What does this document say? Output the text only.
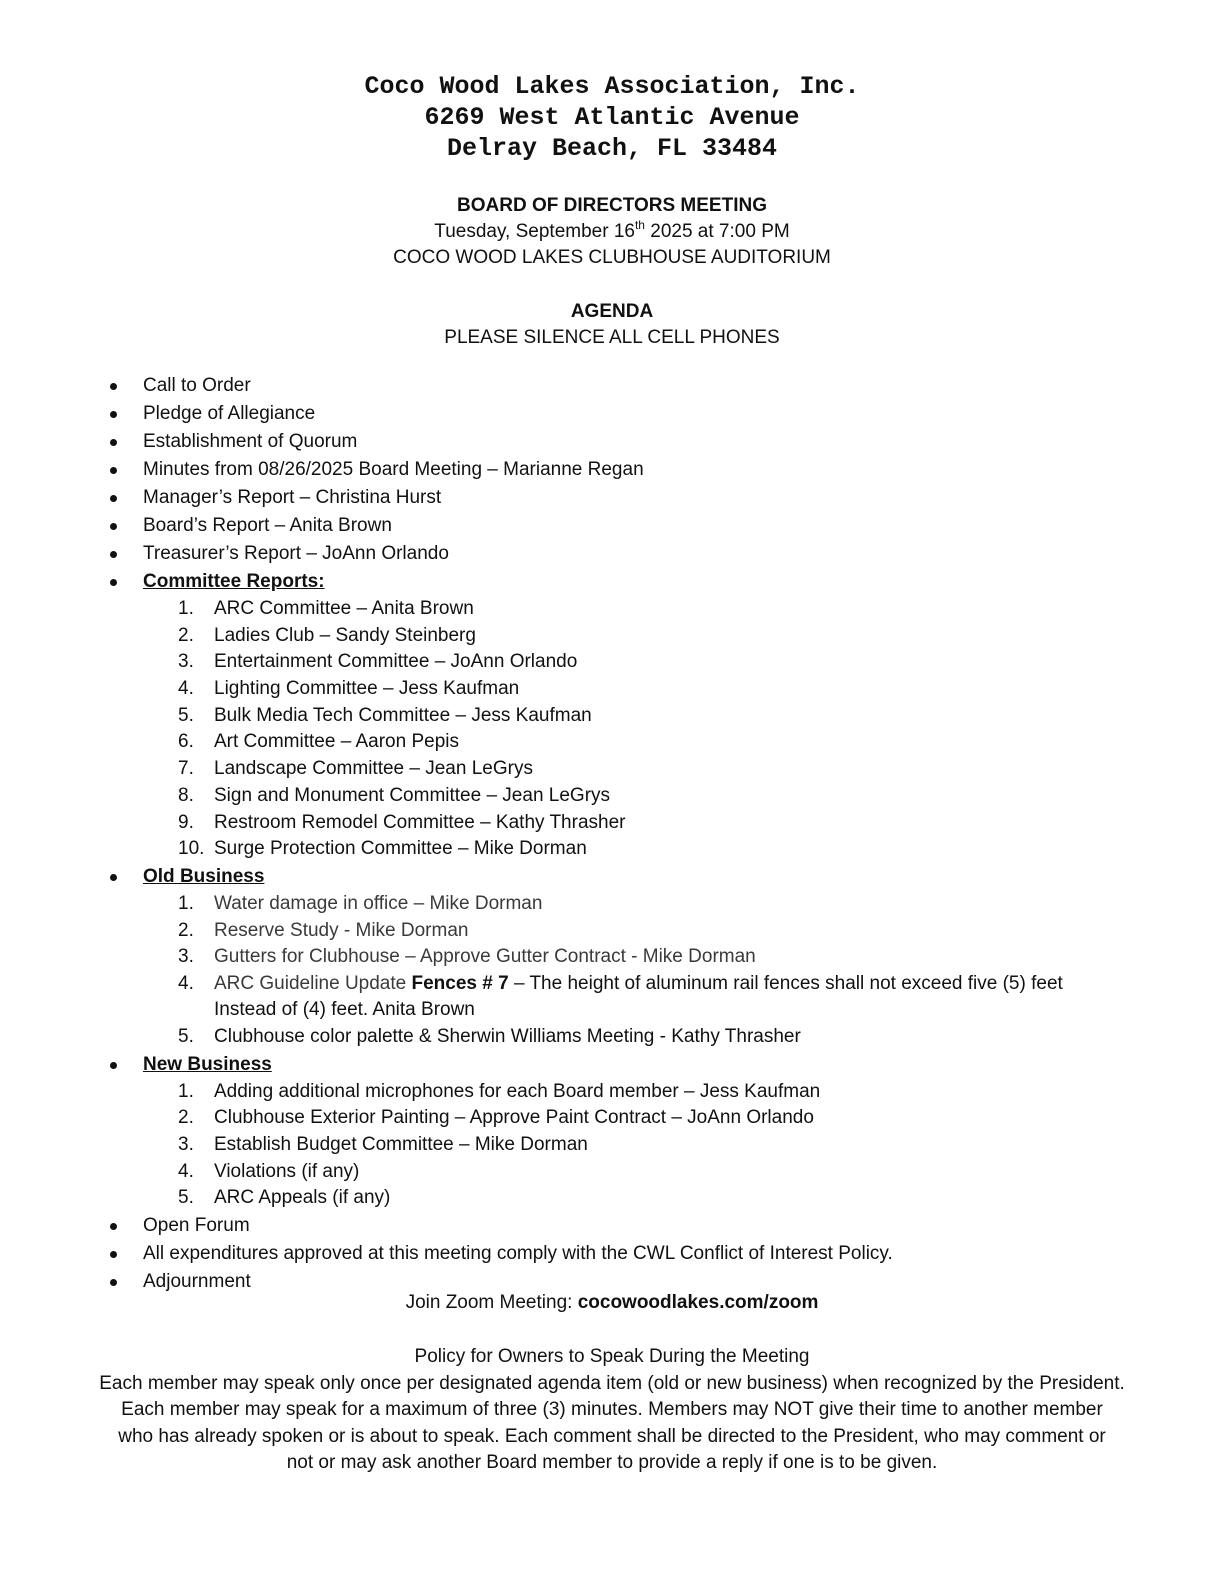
Coco Wood Lakes Association, Inc.
6269 West Atlantic Avenue
Delray Beach, FL 33484
BOARD OF DIRECTORS MEETING
Tuesday, September 16th 2025 at 7:00 PM
COCO WOOD LAKES CLUBHOUSE AUDITORIUM
AGENDA
PLEASE SILENCE ALL CELL PHONES
Call to Order
Pledge of Allegiance
Establishment of Quorum
Minutes from 08/26/2025 Board Meeting – Marianne Regan
Manager’s Report – Christina Hurst
Board’s Report – Anita Brown
Treasurer’s Report – JoAnn Orlando
Committee Reports:
1. ARC Committee – Anita Brown
2. Ladies Club – Sandy Steinberg
3. Entertainment Committee – JoAnn Orlando
4. Lighting Committee – Jess Kaufman
5. Bulk Media Tech Committee – Jess Kaufman
6. Art Committee – Aaron Pepis
7. Landscape Committee – Jean LeGrys
8. Sign and Monument Committee – Jean LeGrys
9. Restroom Remodel Committee – Kathy Thrasher
10. Surge Protection Committee – Mike Dorman
Old Business
1. Water damage in office – Mike Dorman
2. Reserve Study - Mike Dorman
3. Gutters for Clubhouse – Approve Gutter Contract - Mike Dorman
4. ARC Guideline Update Fences # 7 – The height of aluminum rail fences shall not exceed five (5) feet Instead of (4) feet. Anita Brown
5. Clubhouse color palette & Sherwin Williams Meeting - Kathy Thrasher
New Business
1. Adding additional microphones for each Board member – Jess Kaufman
2. Clubhouse Exterior Painting – Approve Paint Contract – JoAnn Orlando
3. Establish Budget Committee – Mike Dorman
4. Violations (if any)
5. ARC Appeals (if any)
Open Forum
All expenditures approved at this meeting comply with the CWL Conflict of Interest Policy.
Adjournment
Join Zoom Meeting: cocowoodlakes.com/zoom
Policy for Owners to Speak During the Meeting
Each member may speak only once per designated agenda item (old or new business) when recognized by the President.
Each member may speak for a maximum of three (3) minutes. Members may NOT give their time to another member
who has already spoken or is about to speak. Each comment shall be directed to the President, who may comment or
not or may ask another Board member to provide a reply if one is to be given.
